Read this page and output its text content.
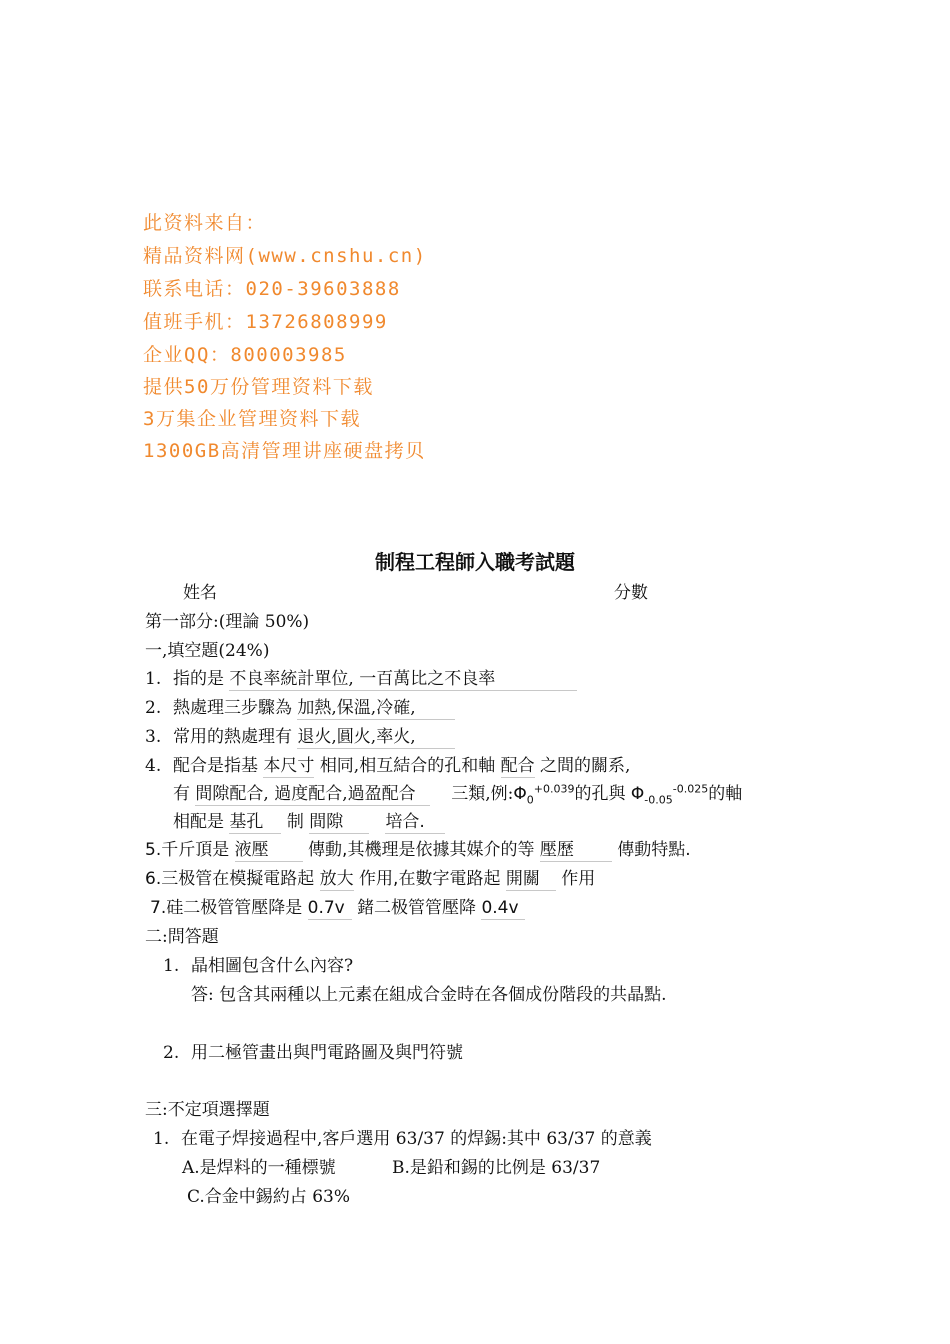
此资料来自：
精品资料网(www.cnshu.cn)
联系电话：020-39603888
值班手机：13726808999
企业QQ：800003985
提供50万份管理资料下载
3万集企业管理资料下载
1300GB高清管理讲座硬盘拷贝
制程工程師入職考試題
姓名	分數
第一部分:(理論 50%)
一,填空題(24%)
1. 指的是 不良率統計單位, 一百萬比之不良率
2. 熱處理三步驟為 加熱,保溫,冷確,
3. 常用的熱處理有 退火,圓火,率火,
4. 配合是指基 本尺寸 相同,相互結合的孔和軸 配合 之間的關系,
有 間隙配合, 過度配合,過盈配合 三類,例$:\Phi_0^{+0.039}$的孔與 $\Phi_{-0.05}^{-0.025}$的軸
相配是 基孔 制 間隙 培合.
5.千斤頂是 液壓 傳動,其機理是依據其媒介的等 壓歷	傳動特點.
6.三极管在模擬電路起 放大 作用,在數字電路起 開關 作用
7.硅二极管管壓降是 0.7v 鍺二极管管壓降 0.4v
二:問答題
1. 晶相圖包含什么內容?
答: 包含其兩種以上元素在組成合金時在各個成份階段的共晶點.
2. 用二極管畫出與門電路圖及與門符號
三:不定項選擇題
1. 在電子焊接過程中,客戶選用 63/37 的焊錫:其中 63/37 的意義
A.是焊料的一種標號	B.是鉛和錫的比例是 63/37
C.合金中錫約占 63%
